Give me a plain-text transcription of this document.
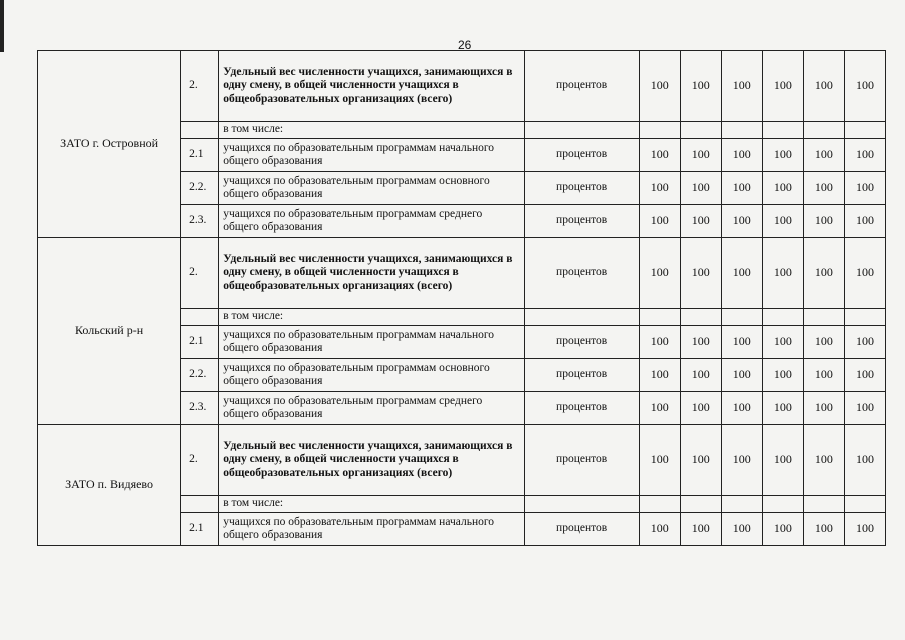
26
ЗАТО г. Островной	2.	Удельный вес численности учащихся, занимающихся в одну смену, в общей численности учащихся в общеобразовательных организациях (всего)	процентов	100	100	100	100	100	100
		в том числе:							
	2.1	учащихся по образовательным программам начального общего образования	процентов	100	100	100	100	100	100
	2.2.	учащихся по образовательным программам основного общего образования	процентов	100	100	100	100	100	100
	2.3.	учащихся по образовательным программам среднего общего образования	процентов	100	100	100	100	100	100
Кольский р-н	2.	Удельный вес численности учащихся, занимающихся в одну смену, в общей численности учащихся в общеобразовательных организациях (всего)	процентов	100	100	100	100	100	100
		в том числе:							
	2.1	учащихся по образовательным программам начального общего образования	процентов	100	100	100	100	100	100
	2.2.	учащихся по образовательным программам основного общего образования	процентов	100	100	100	100	100	100
	2.3.	учащихся по образовательным программам среднего общего образования	процентов	100	100	100	100	100	100
ЗАТО п. Видяево	2.	Удельный вес численности учащихся, занимающихся в одну смену, в общей численности учащихся в общеобразовательных организациях (всего)	процентов	100	100	100	100	100	100
		в том числе:							
	2.1	учащихся по образовательным программам начального общего образования	процентов	100	100	100	100	100	100
